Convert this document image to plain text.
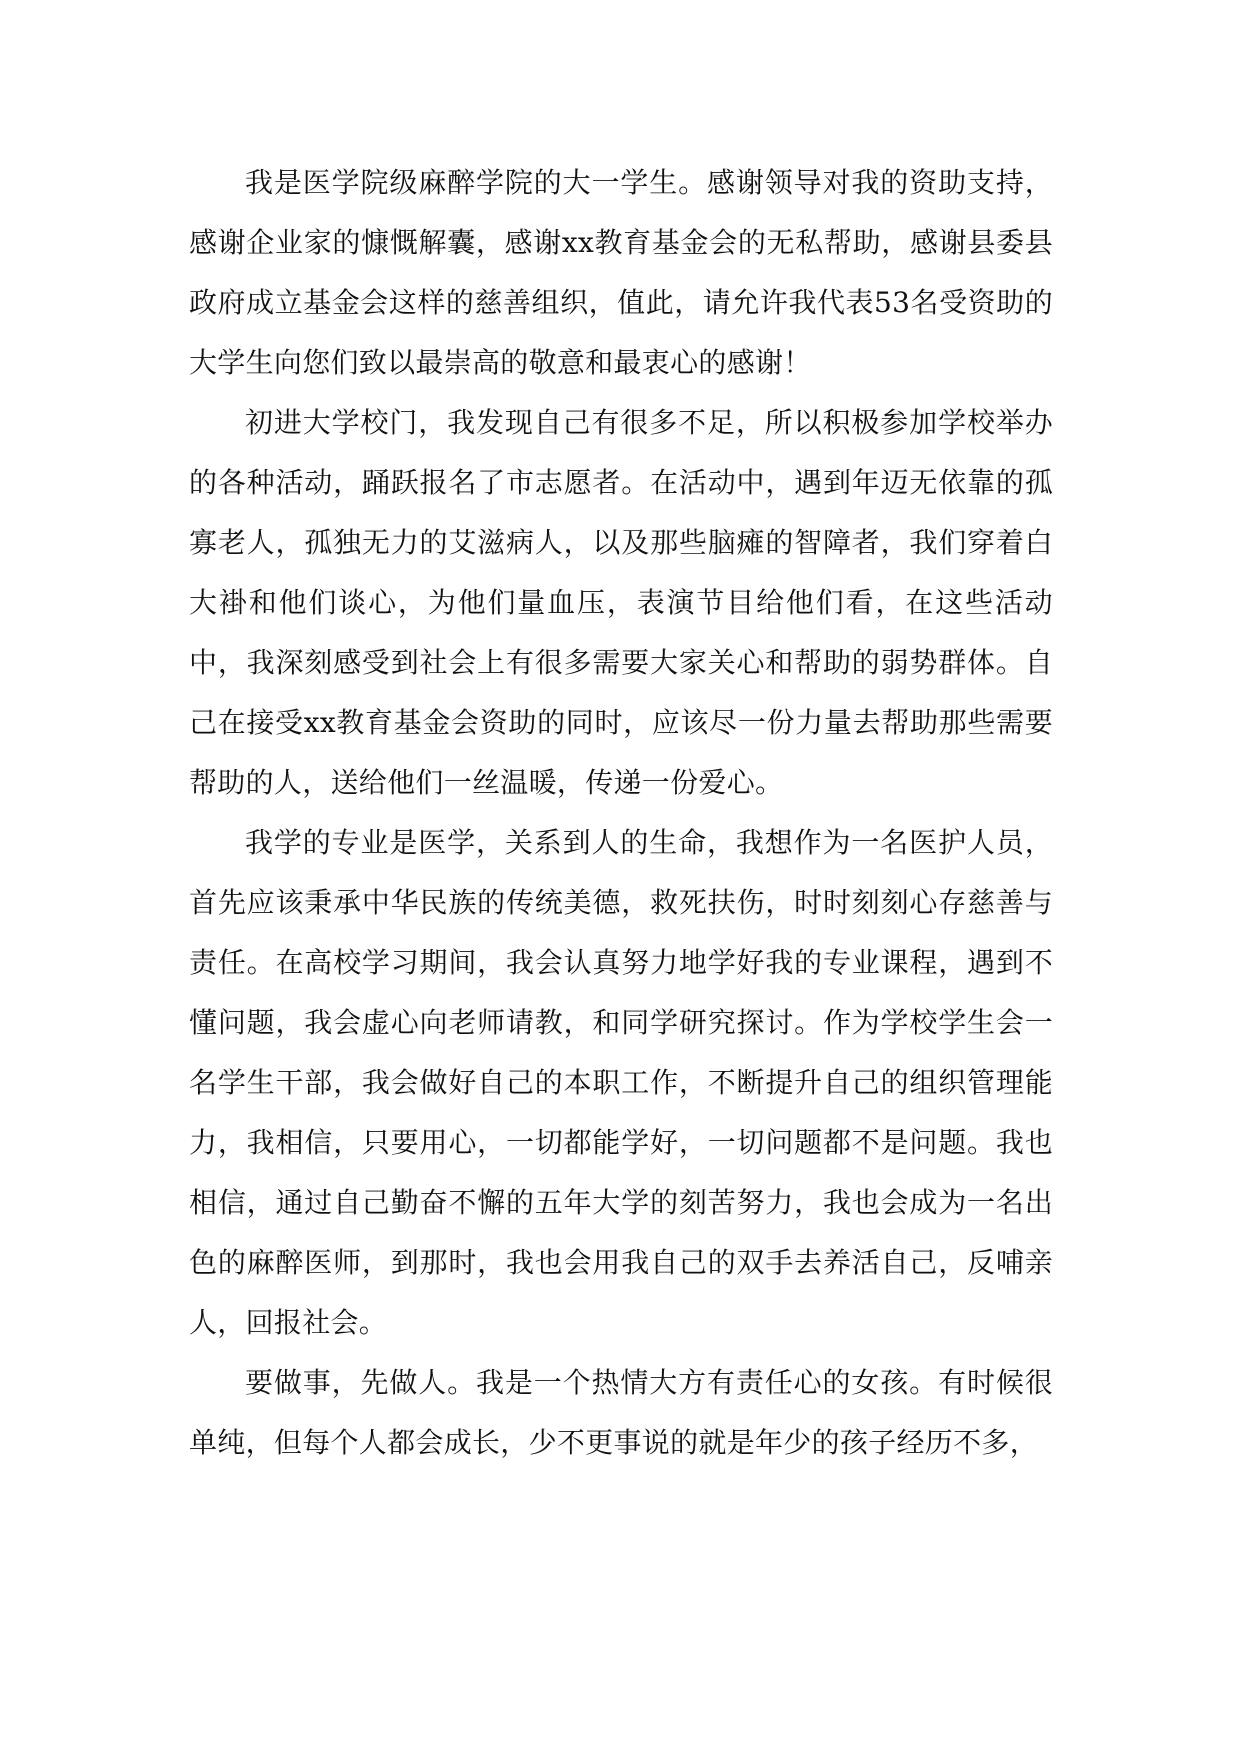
我是医学院级麻醉学院的大一学生。感谢领导对我的资助支持，感谢企业家的慷慨解囊，感谢xx教育基金会的无私帮助，感谢县委县政府成立基金会这样的慈善组织，值此，请允许我代表53名受资助的大学生向您们致以最崇高的敬意和最衷心的感谢！

初进大学校门，我发现自己有很多不足，所以积极参加学校举办的各种活动，踊跃报名了市志愿者。在活动中，遇到年迈无依靠的孤寡老人，孤独无力的艾滋病人，以及那些脑瘫的智障者，我们穿着白大褂和他们谈心，为他们量血压，表演节目给他们看，在这些活动中，我深刻感受到社会上有很多需要大家关心和帮助的弱势群体。自己在接受xx教育基金会资助的同时，应该尽一份力量去帮助那些需要帮助的人，送给他们一丝温暖，传递一份爱心。

我学的专业是医学，关系到人的生命，我想作为一名医护人员，首先应该秉承中华民族的传统美德，救死扶伤，时时刻刻心存慈善与责任。在高校学习期间，我会认真努力地学好我的专业课程，遇到不懂问题，我会虚心向老师请教，和同学研究探讨。作为学校学生会一名学生干部，我会做好自己的本职工作，不断提升自己的组织管理能力，我相信，只要用心，一切都能学好，一切问题都不是问题。我也相信，通过自己勤奋不懈的五年大学的刻苦努力，我也会成为一名出色的麻醉医师，到那时，我也会用我自己的双手去养活自己，反哺亲人，回报社会。

要做事，先做人。我是一个热情大方有责任心的女孩。有时候很单纯，但每个人都会成长，少不更事说的就是年少的孩子经历不多，
